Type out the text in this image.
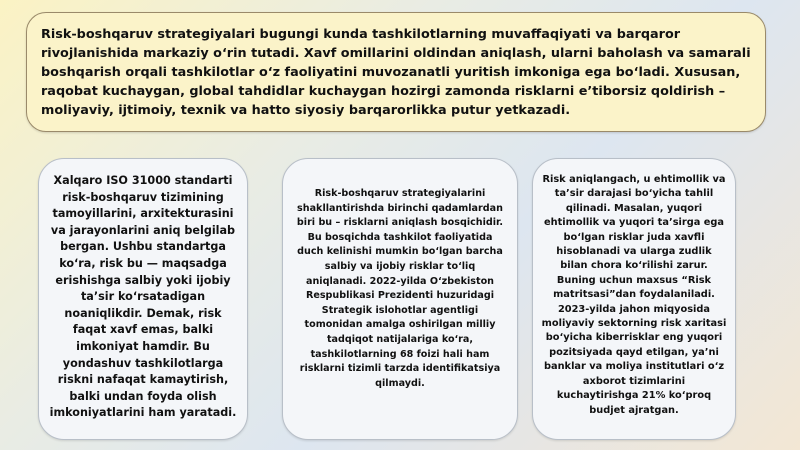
Risk-boshqaruv strategiyalari bugungi kunda tashkilotlarning muvaffaqiyati va barqaror rivojlanishida markaziy o‘rin tutadi. Xavf omillarini oldindan aniqlash, ularni baholash va samarali boshqarish orqali tashkilotlar o‘z faoliyatini muvozanatli yuritish imkoniga ega bo‘ladi. Xususan, raqobat kuchaygan, global tahdidlar kuchaygan hozirgi zamonda risklarni e’tiborsiz qoldirish – moliyaviy, ijtimoiy, texnik va hatto siyosiy barqarorlikka putur yetkazadi.

Xalqaro ISO 31000 standarti risk-boshqaruv tizimining tamoyillarini, arxitekturasini va jarayonlarini aniq belgilab bergan. Ushbu standartga ko‘ra, risk bu — maqsadga erishishga salbiy yoki ijobiy ta’sir ko‘rsatadigan noaniqlikdir. Demak, risk faqat xavf emas, balki imkoniyat hamdir. Bu yondashuv tashkilotlarga riskni nafaqat kamaytirish, balki undan foyda olish imkoniyatlarini ham yaratadi.

Risk-boshqaruv strategiyalarini shakllantirishda birinchi qadamlardan biri bu – risklarni aniqlash bosqichidir. Bu bosqichda tashkilot faoliyatida duch kelinishi mumkin bo‘lgan barcha salbiy va ijobiy risklar to‘liq aniqlanadi. 2022-yilda O‘zbekiston Respublikasi Prezidenti huzuridagi Strategik islohotlar agentligi tomonidan amalga oshirilgan milliy tadqiqot natijalariga ko‘ra, tashkilotlarning 68 foizi hali ham risklarni tizimli tarzda identifikatsiya qilmaydi.

Risk aniqlangach, u ehtimollik va ta’sir darajasi bo‘yicha tahlil qilinadi. Masalan, yuqori ehtimollik va yuqori ta’sirga ega bo‘lgan risklar juda xavfli hisoblanadi va ularga zudlik bilan chora ko‘rilishi zarur. Buning uchun maxsus “Risk matritsasi”dan foydalaniladi. 2023-yilda jahon miqyosida moliyaviy sektorning risk xaritasi bo‘yicha kiberrisklar eng yuqori pozitsiyada qayd etilgan, ya’ni banklar va moliya institutlari o‘z axborot tizimlarini kuchaytirishga 21% ko‘proq budjet ajratgan.
